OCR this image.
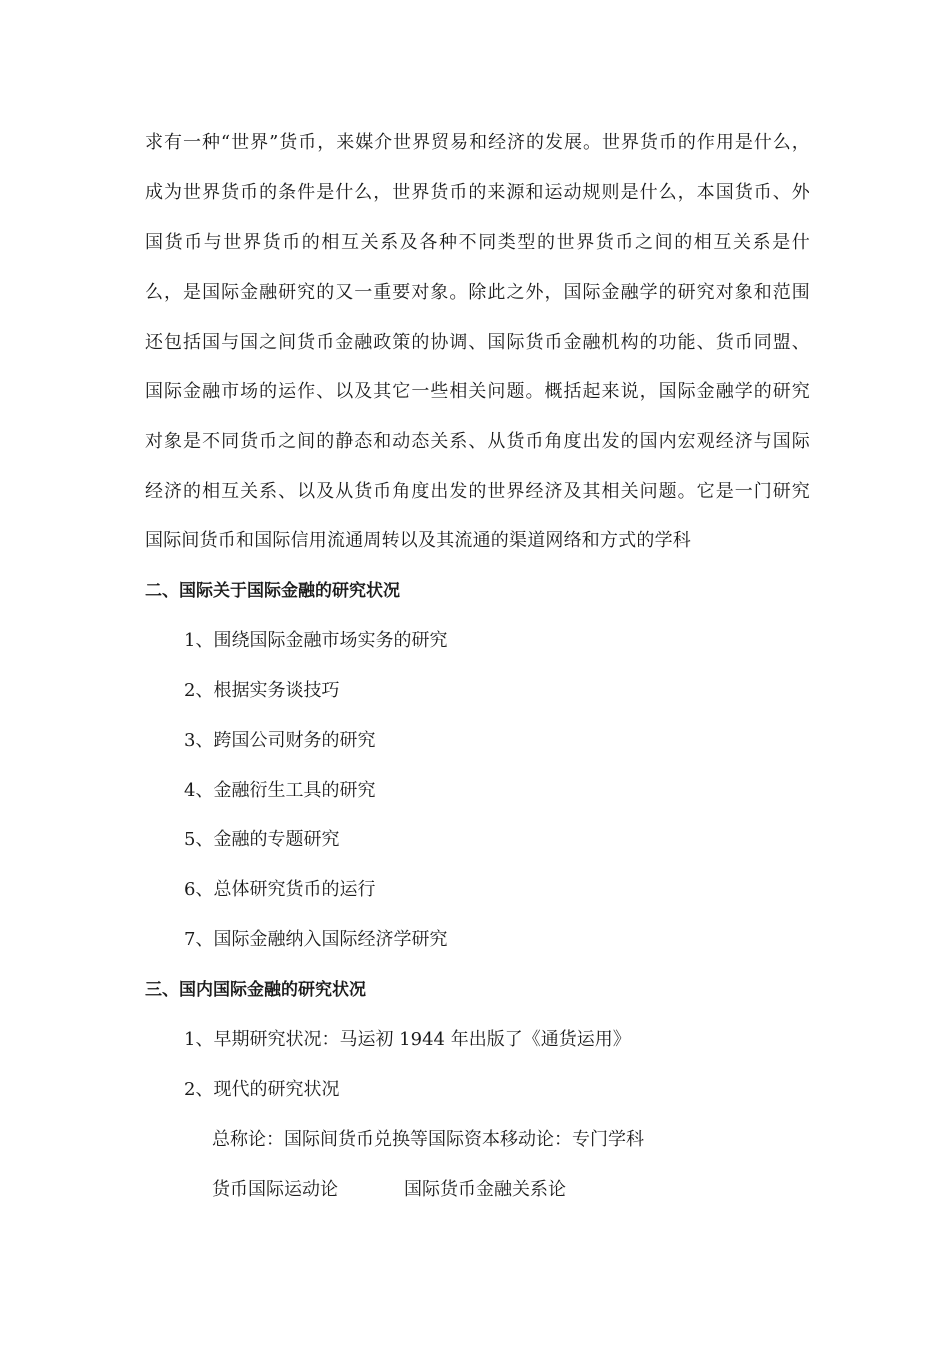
求有一种“世界”货币，来媒介世界贸易和经济的发展。世界货币的作用是什么，
成为世界货币的条件是什么，世界货币的来源和运动规则是什么，本国货币、外
国货币与世界货币的相互关系及各种不同类型的世界货币之间的相互关系是什
么，是国际金融研究的又一重要对象。除此之外，国际金融学的研究对象和范围
还包括国与国之间货币金融政策的协调、国际货币金融机构的功能、货币同盟、
国际金融市场的运作、以及其它一些相关问题。概括起来说，国际金融学的研究
对象是不同货币之间的静态和动态关系、从货币角度出发的国内宏观经济与国际
经济的相互关系、以及从货币角度出发的世界经济及其相关问题。它是一门研究
国际间货币和国际信用流通周转以及其流通的渠道网络和方式的学科
二、国际关于国际金融的研究状况
1、围绕国际金融市场实务的研究
2、根据实务谈技巧
3、跨国公司财务的研究
4、金融衍生工具的研究
5、金融的专题研究
6、总体研究货币的运行
7、国际金融纳入国际经济学研究
三、国内国际金融的研究状况
1、早期研究状况：马运初 1944 年出版了《通货运用》
2、现代的研究状况
总称论：国际间货币兑换等国际资本移动论：专门学科
货币国际运动论	国际货币金融关系论
